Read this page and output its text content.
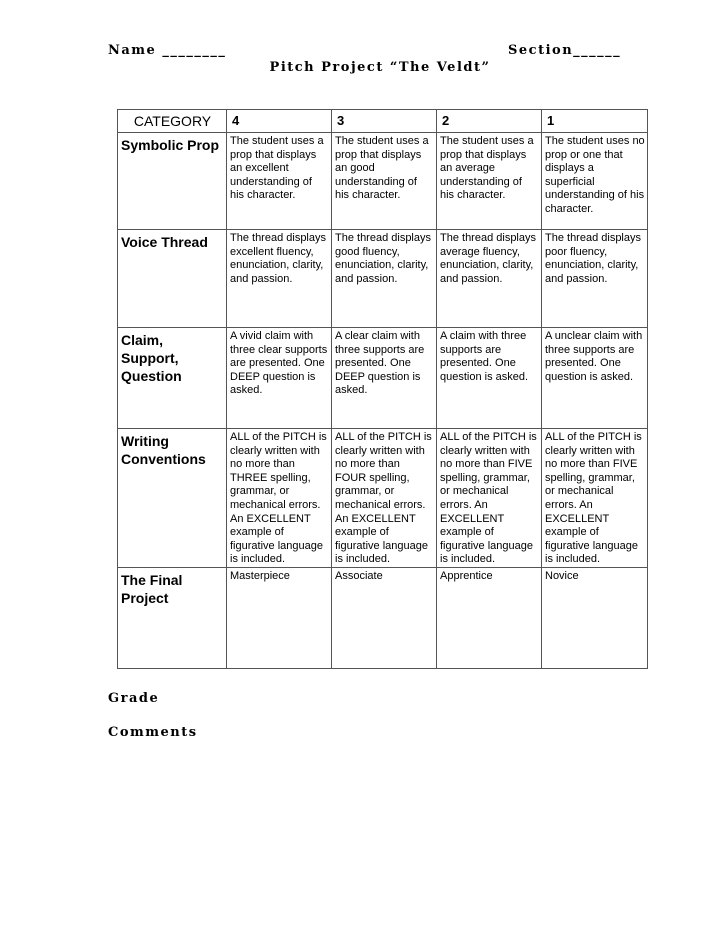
Name ________	Section______
Pitch Project “The Veldt”
CATEGORY	4	3	2	1
Symbolic Prop	The student uses a prop that displays an excellent understanding of his character.	The student uses a prop that displays an good understanding of his character.	The student uses a prop that displays an average understanding of his character.	The student uses no prop or one that displays a superficial understanding of his character.
Voice Thread	The thread displays excellent fluency, enunciation, clarity, and passion.	The thread displays good fluency, enunciation, clarity, and passion.	The thread displays average fluency, enunciation, clarity, and passion.	The thread displays poor fluency, enunciation, clarity, and passion.
Claim, Support, Question	A vivid claim with three clear supports are presented. One DEEP question is asked.	A clear claim with three supports are presented. One DEEP question is asked.	A claim with three supports are presented. One question is asked.	A unclear claim with three supports are presented. One question is asked.
Writing Conventions	ALL of the PITCH is clearly written with no more than THREE spelling, grammar, or mechanical errors. An EXCELLENT example of figurative language is included.	ALL of the PITCH is clearly written with no more than FOUR spelling, grammar, or mechanical errors. An EXCELLENT example of figurative language is included.	ALL of the PITCH is clearly written with no more than FIVE spelling, grammar, or mechanical errors. An EXCELLENT example of figurative language is included.	ALL of the PITCH is clearly written with no more than FIVE spelling, grammar, or mechanical errors. An EXCELLENT example of figurative language is included.
The Final Project	Masterpiece	Associate	Apprentice	Novice
Grade
Comments
